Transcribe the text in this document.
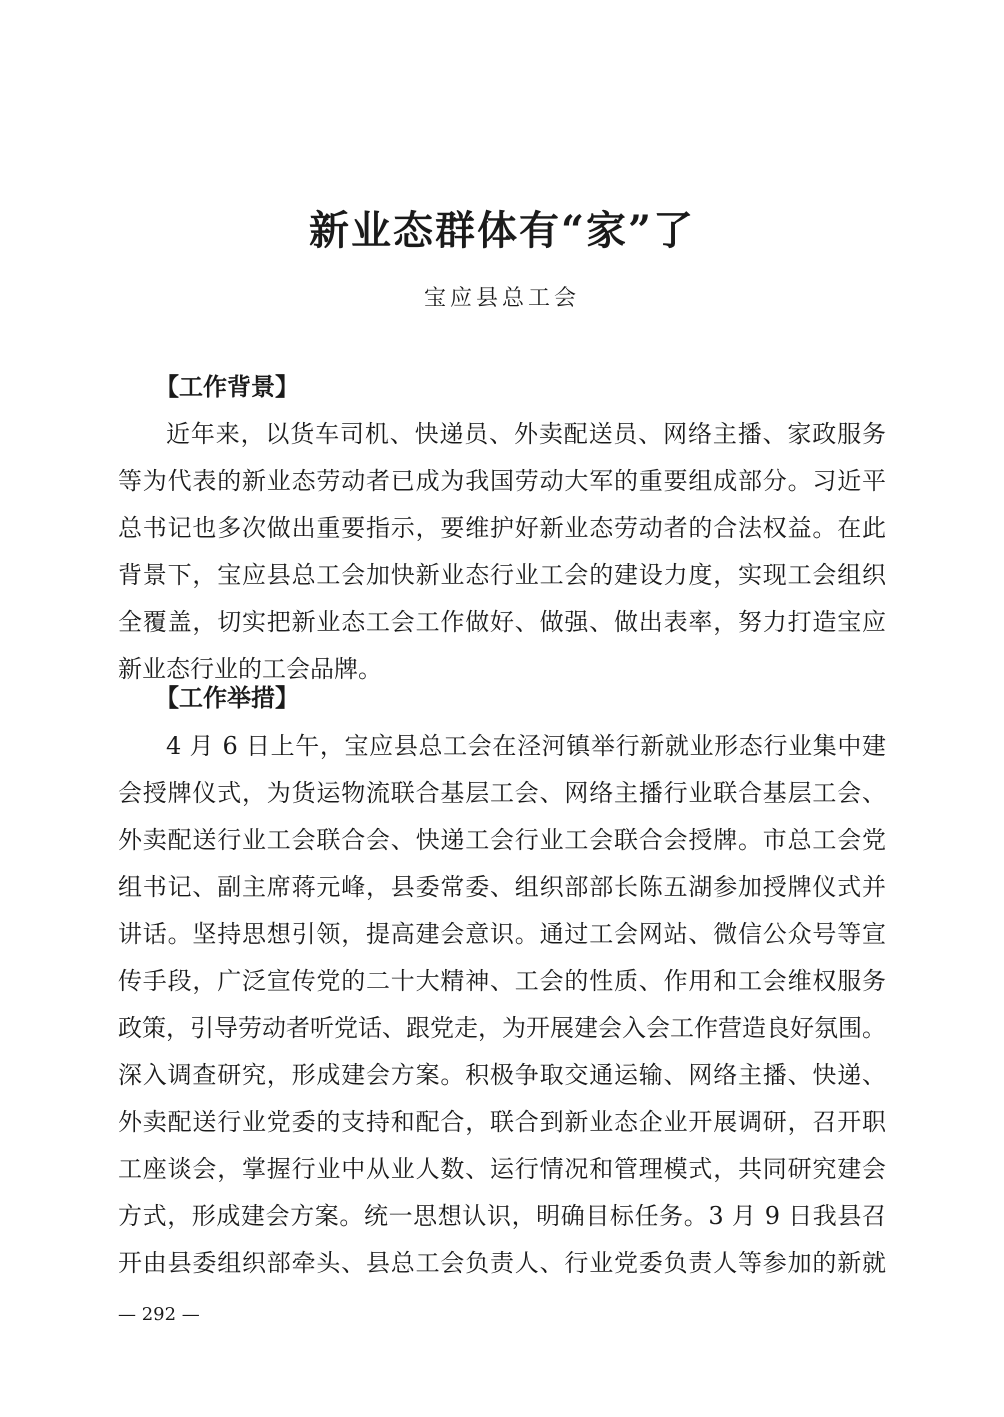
新业态群体有“家”了
宝应县总工会
【工作背景】
近年来，以货车司机、快递员、外卖配送员、网络主播、家政服务
等为代表的新业态劳动者已成为我国劳动大军的重要组成部分。习近平
总书记也多次做出重要指示，要维护好新业态劳动者的合法权益。在此
背景下，宝应县总工会加快新业态行业工会的建设力度，实现工会组织
全覆盖，切实把新业态工会工作做好、做强、做出表率，努力打造宝应
新业态行业的工会品牌。
【工作举措】
4 月 6 日上午，宝应县总工会在泾河镇举行新就业形态行业集中建
会授牌仪式，为货运物流联合基层工会、网络主播行业联合基层工会、
外卖配送行业工会联合会、快递工会行业工会联合会授牌。市总工会党
组书记、副主席蒋元峰，县委常委、组织部部长陈五湖参加授牌仪式并
讲话。坚持思想引领，提高建会意识。通过工会网站、微信公众号等宣
传手段，广泛宣传党的二十大精神、工会的性质、作用和工会维权服务
政策，引导劳动者听党话、跟党走，为开展建会入会工作营造良好氛围。
深入调查研究，形成建会方案。积极争取交通运输、网络主播、快递、
外卖配送行业党委的支持和配合，联合到新业态企业开展调研，召开职
工座谈会，掌握行业中从业人数、运行情况和管理模式，共同研究建会
方式，形成建会方案。统一思想认识，明确目标任务。3 月 9 日我县召
开由县委组织部牵头、县总工会负责人、行业党委负责人等参加的新就
— 292 —
